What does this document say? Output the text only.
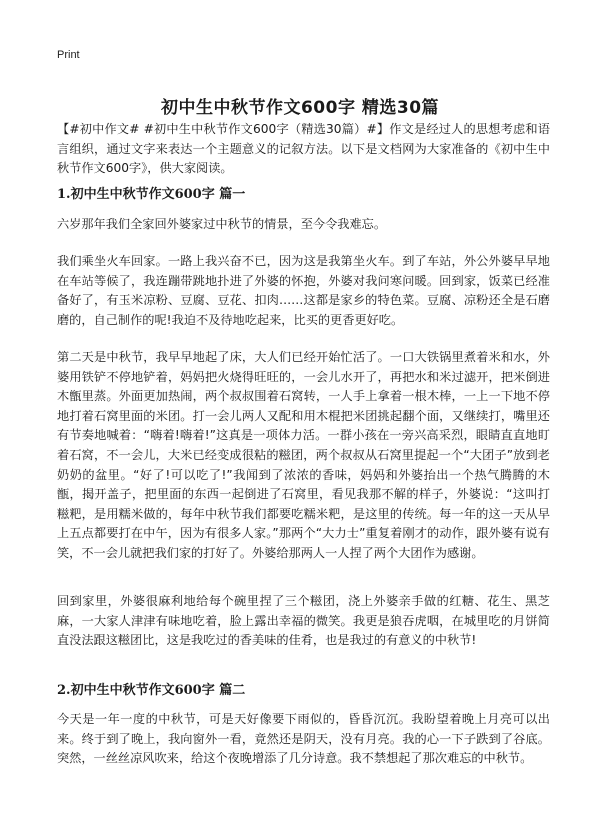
Print
初中生中秋节作文600字 精选30篇

【#初中作文# #初中生中秋节作文600字（精选30篇）#】作文是经过人的思想考虑和语言组织，通过文字来表达一个主题意义的记叙方法。以下是文档网为大家准备的《初中生中秋节作文600字》，供大家阅读。

1.初中生中秋节作文600字 篇一

六岁那年我们全家回外婆家过中秋节的情景，至今令我难忘。

我们乘坐火车回家。一路上我兴奋不已，因为这是我第坐火车。到了车站，外公外婆早早地在车站等候了，我连蹦带跳地扑进了外婆的怀抱，外婆对我问寒问暖。回到家，饭菜已经准备好了，有玉米凉粉、豆腐、豆花、扣肉……这都是家乡的特色菜。豆腐、凉粉还全是石磨磨的，自己制作的呢!我迫不及待地吃起来，比买的更香更好吃。

第二天是中秋节，我早早地起了床，大人们已经开始忙活了。一口大铁锅里煮着米和水，外婆用铁铲不停地铲着，妈妈把火烧得旺旺的，一会儿水开了，再把水和米过滤开，把米倒进木甑里蒸。外面更加热闹，两个叔叔围着石窝转，一人手上拿着一根木棒，一上一下地不停地打着石窝里面的米团。打一会儿两人又配和用木棍把米团挑起翻个面，又继续打，嘴里还有节奏地喊着：“嗨着!嗨着!”这真是一项体力活。一群小孩在一旁兴高采烈，眼睛直直地盯着石窝，不一会儿，大米已经变成很粘的糍团，两个叔叔从石窝里提起一个“大团子”放到老奶奶的盆里。“好了!可以吃了!”我闻到了浓浓的香味，妈妈和外婆抬出一个热气腾腾的木甑，揭开盖子，把里面的东西一起倒进了石窝里，看见我那不解的样子，外婆说：“这叫打糍粑，是用糯米做的，每年中秋节我们都要吃糯米粑，是这里的传统。每一年的这一天从早上五点都要打在中午，因为有很多人家。”那两个“大力士”重复着刚才的动作，跟外婆有说有笑，不一会儿就把我们家的打好了。外婆给那两人一人捏了两个大团作为感谢。

回到家里，外婆很麻利地给每个碗里捏了三个糍团，浇上外婆亲手做的红糖、花生、黑芝麻，一大家人津津有味地吃着，脸上露出幸福的微笑。我更是狼吞虎咽，在城里吃的月饼简直没法跟这糍团比，这是我吃过的香美味的佳肴，也是我过的有意义的中秋节!

2.初中生中秋节作文600字 篇二

今天是一年一度的中秋节，可是天好像要下雨似的，昏昏沉沉。我盼望着晚上月亮可以出来。终于到了晚上，我向窗外一看，竟然还是阴天，没有月亮。我的心一下子跌到了谷底。突然，一丝丝凉风吹来，给这个夜晚增添了几分诗意。我不禁想起了那次难忘的中秋节。
